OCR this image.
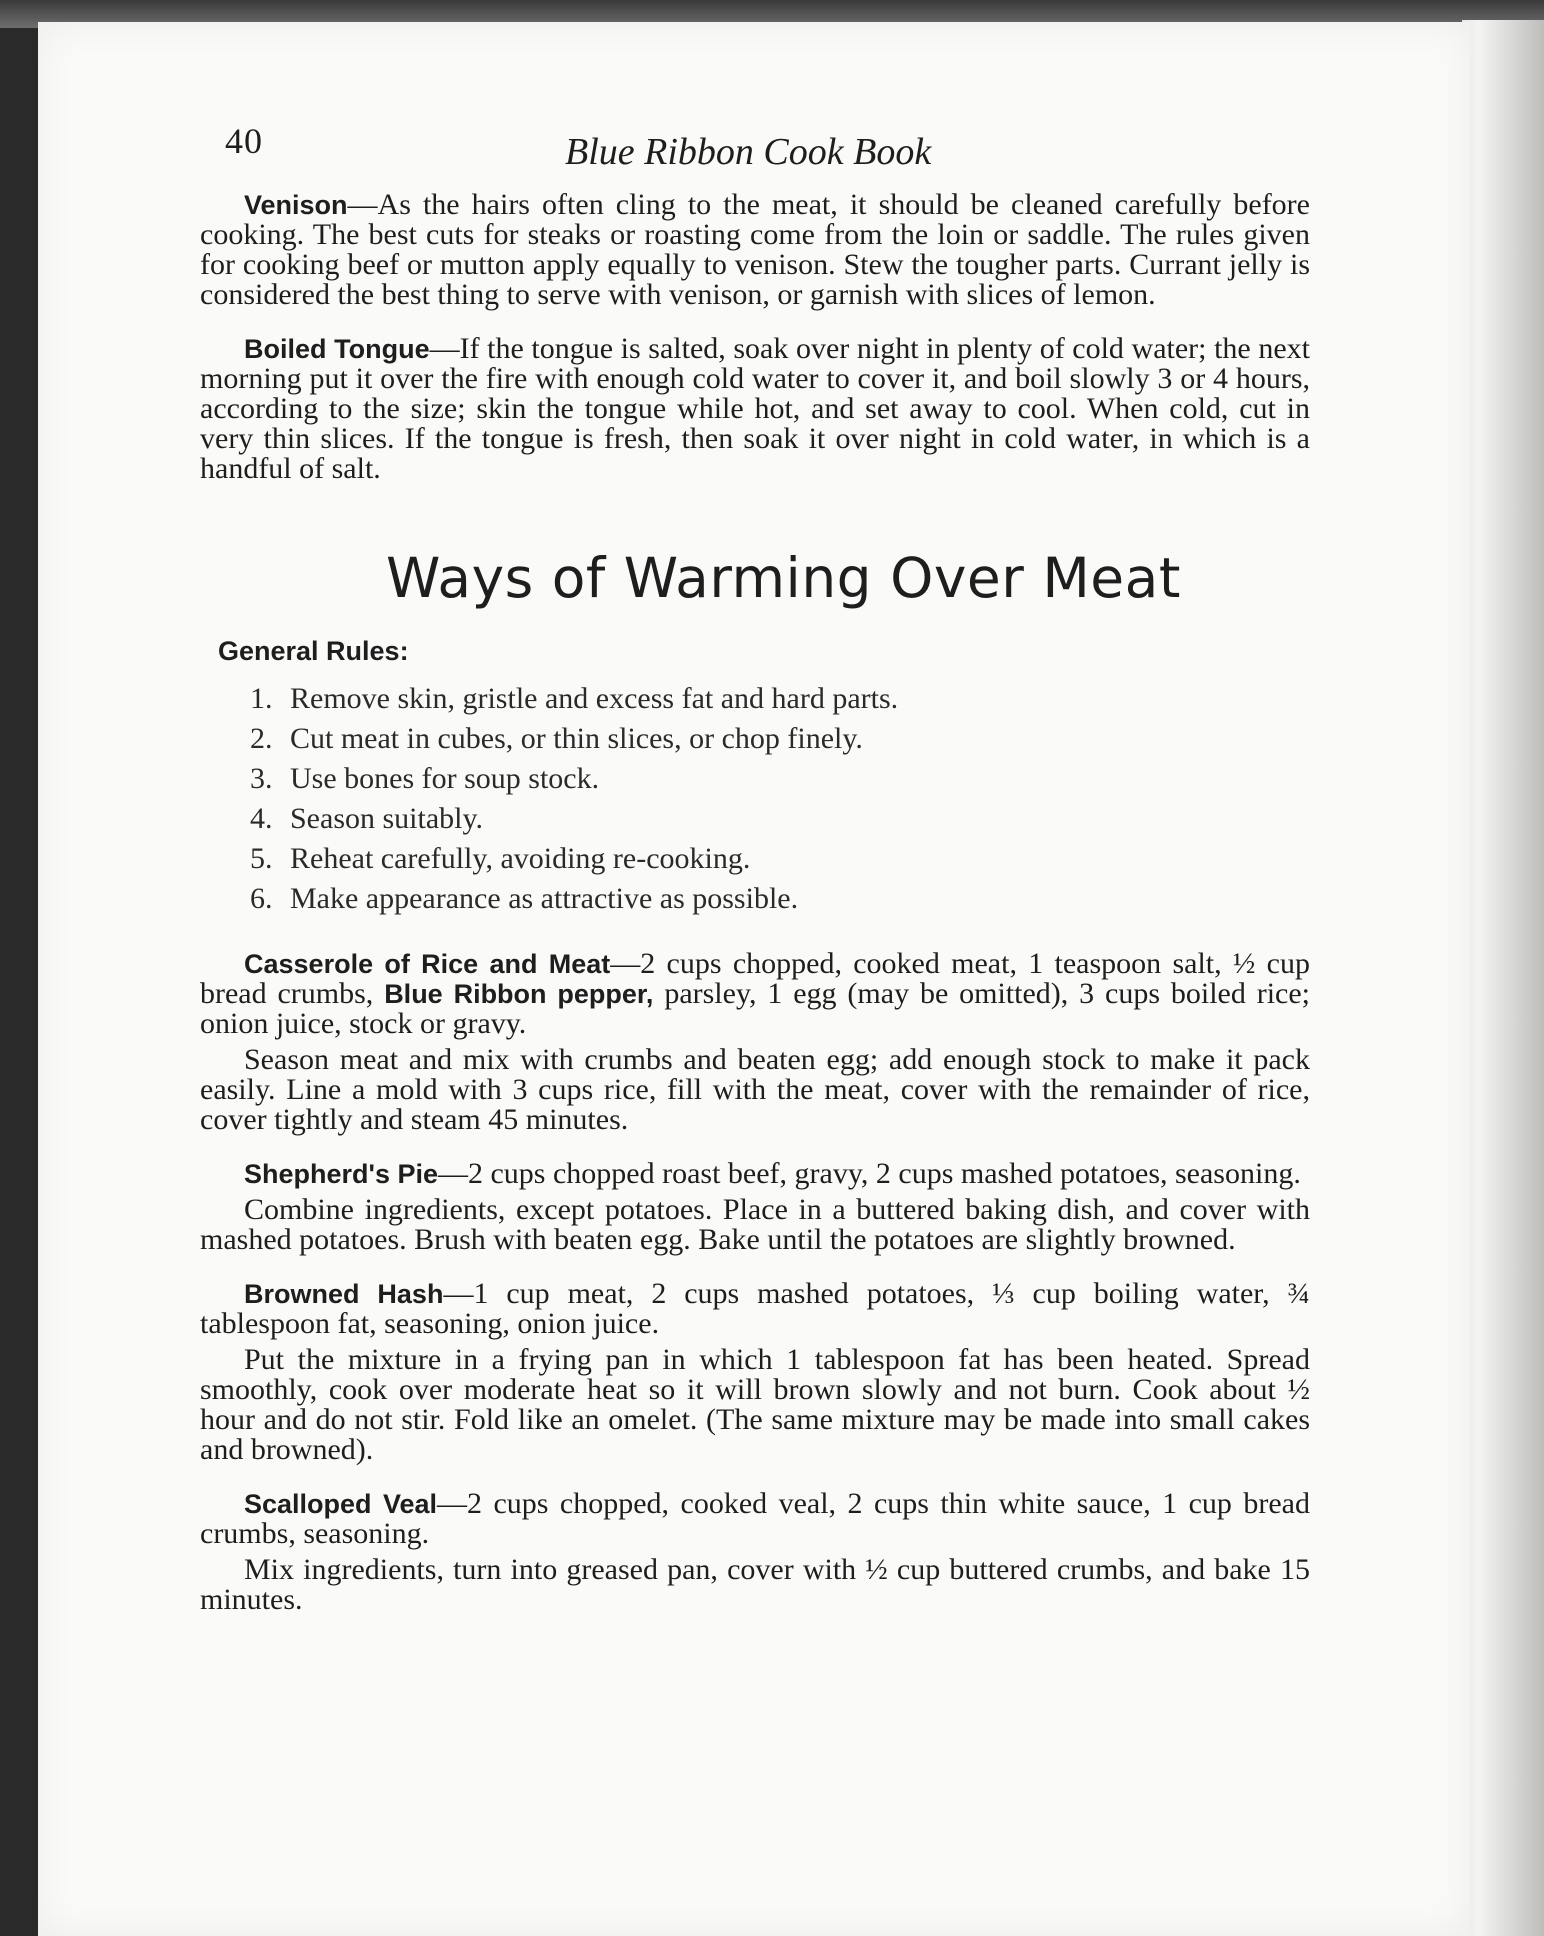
40	Blue Ribbon Cook Book

Venison—As the hairs often cling to the meat, it should be cleaned carefully before cooking. The best cuts for steaks or roasting come from the loin or saddle. The rules given for cooking beef or mutton apply equally to venison. Stew the tougher parts. Currant jelly is considered the best thing to serve with venison, or garnish with slices of lemon.

Boiled Tongue—If the tongue is salted, soak over night in plenty of cold water; the next morning put it over the fire with enough cold water to cover it, and boil slowly 3 or 4 hours, according to the size; skin the tongue while hot, and set away to cool. When cold, cut in very thin slices. If the tongue is fresh, then soak it over night in cold water, in which is a handful of salt.

Ways of Warming Over Meat
General Rules:
1. Remove skin, gristle and excess fat and hard parts.
2. Cut meat in cubes, or thin slices, or chop finely.
3. Use bones for soup stock.
4. Season suitably.
5. Reheat carefully, avoiding re-cooking.
6. Make appearance as attractive as possible.

Casserole of Rice and Meat—2 cups chopped, cooked meat, 1 teaspoon salt, ½ cup bread crumbs, Blue Ribbon pepper, parsley, 1 egg (may be omitted), 3 cups boiled rice; onion juice, stock or gravy.

Season meat and mix with crumbs and beaten egg; add enough stock to make it pack easily. Line a mold with 3 cups rice, fill with the meat, cover with the remainder of rice, cover tightly and steam 45 minutes.

Shepherd's Pie—2 cups chopped roast beef, gravy, 2 cups mashed potatoes, seasoning.

Combine ingredients, except potatoes. Place in a buttered baking dish, and cover with mashed potatoes. Brush with beaten egg. Bake until the potatoes are slightly browned.

Browned Hash—1 cup meat, 2 cups mashed potatoes, ⅓ cup boiling water, ¾ tablespoon fat, seasoning, onion juice.

Put the mixture in a frying pan in which 1 tablespoon fat has been heated. Spread smoothly, cook over moderate heat so it will brown slowly and not burn. Cook about ½ hour and do not stir. Fold like an omelet. (The same mixture may be made into small cakes and browned).

Scalloped Veal—2 cups chopped, cooked veal, 2 cups thin white sauce, 1 cup bread crumbs, seasoning.

Mix ingredients, turn into greased pan, cover with ½ cup buttered crumbs, and bake 15 minutes.
